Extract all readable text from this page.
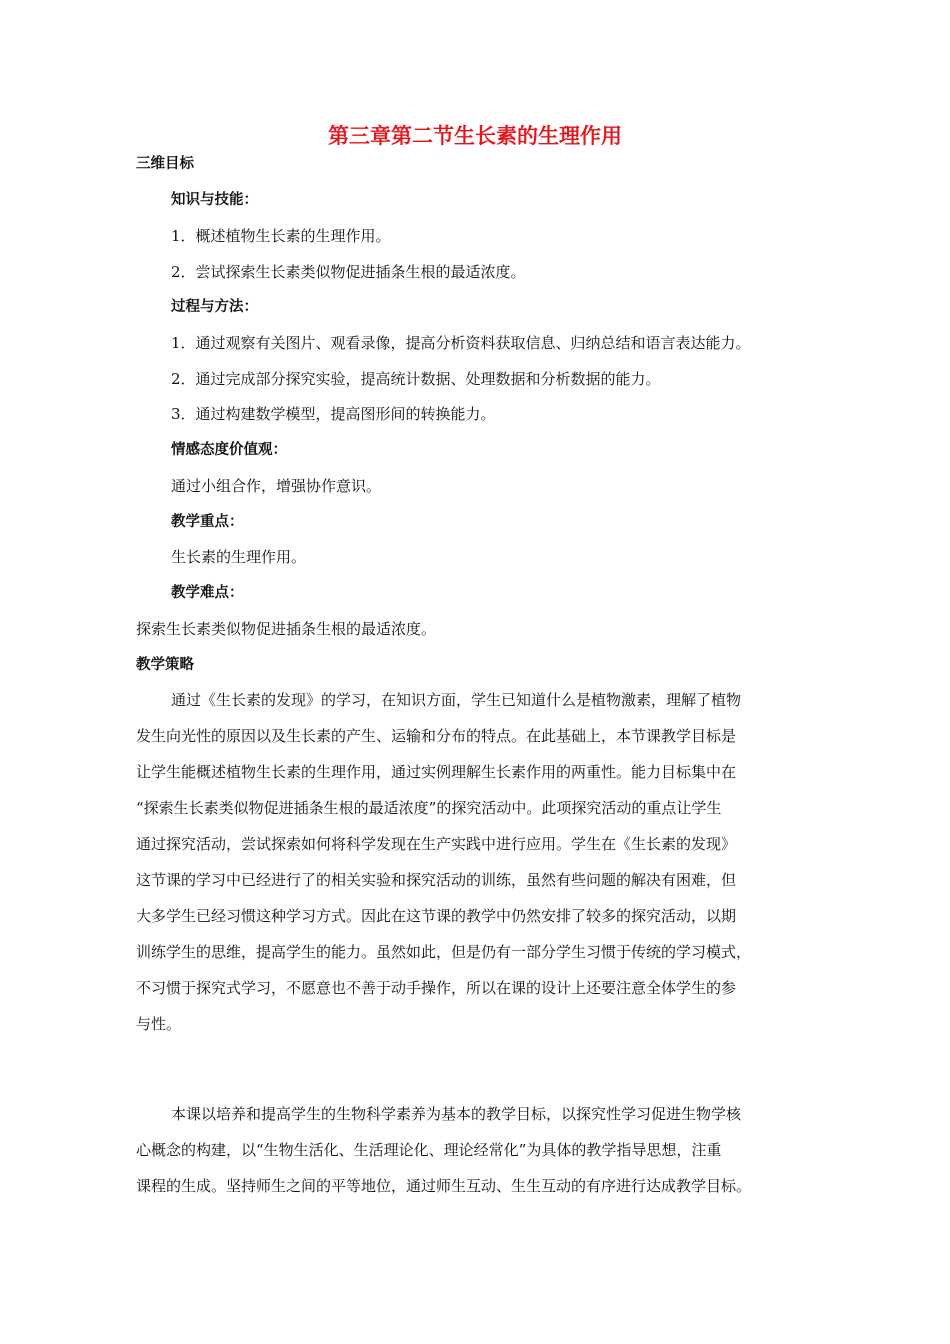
第三章第二节生长素的生理作用
三维目标
知识与技能：
1．概述植物生长素的生理作用。
2．尝试探索生长素类似物促进插条生根的最适浓度。
过程与方法：
1．通过观察有关图片、观看录像，提高分析资料获取信息、归纳总结和语言表达能力。
2．通过完成部分探究实验，提高统计数据、处理数据和分析数据的能力。
3．通过构建数学模型，提高图形间的转换能力。
情感态度价值观：
通过小组合作，增强协作意识。
教学重点：
生长素的生理作用。
教学难点：
探索生长素类似物促进插条生根的最适浓度。
教学策略
通过《生长素的发现》的学习，在知识方面，学生已知道什么是植物激素，理解了植物
发生向光性的原因以及生长素的产生、运输和分布的特点。在此基础上，本节课教学目标是
让学生能概述植物生长素的生理作用，通过实例理解生长素作用的两重性。能力目标集中在
“探索生长素类似物促进插条生根的最适浓度”的探究活动中。此项探究活动的重点让学生
通过探究活动，尝试探索如何将科学发现在生产实践中进行应用。学生在《生长素的发现》
这节课的学习中已经进行了的相关实验和探究活动的训练，虽然有些问题的解决有困难，但
大多学生已经习惯这种学习方式。因此在这节课的教学中仍然安排了较多的探究活动，以期
训练学生的思维，提高学生的能力。虽然如此，但是仍有一部分学生习惯于传统的学习模式，
不习惯于探究式学习，不愿意也不善于动手操作，所以在课的设计上还要注意全体学生的参
与性。
本课以培养和提高学生的生物科学素养为基本的教学目标，以探究性学习促进生物学核
心概念的构建，以“生物生活化、生活理论化、理论经常化”为具体的教学指导思想，注重
课程的生成。坚持师生之间的平等地位，通过师生互动、生生互动的有序进行达成教学目标。
